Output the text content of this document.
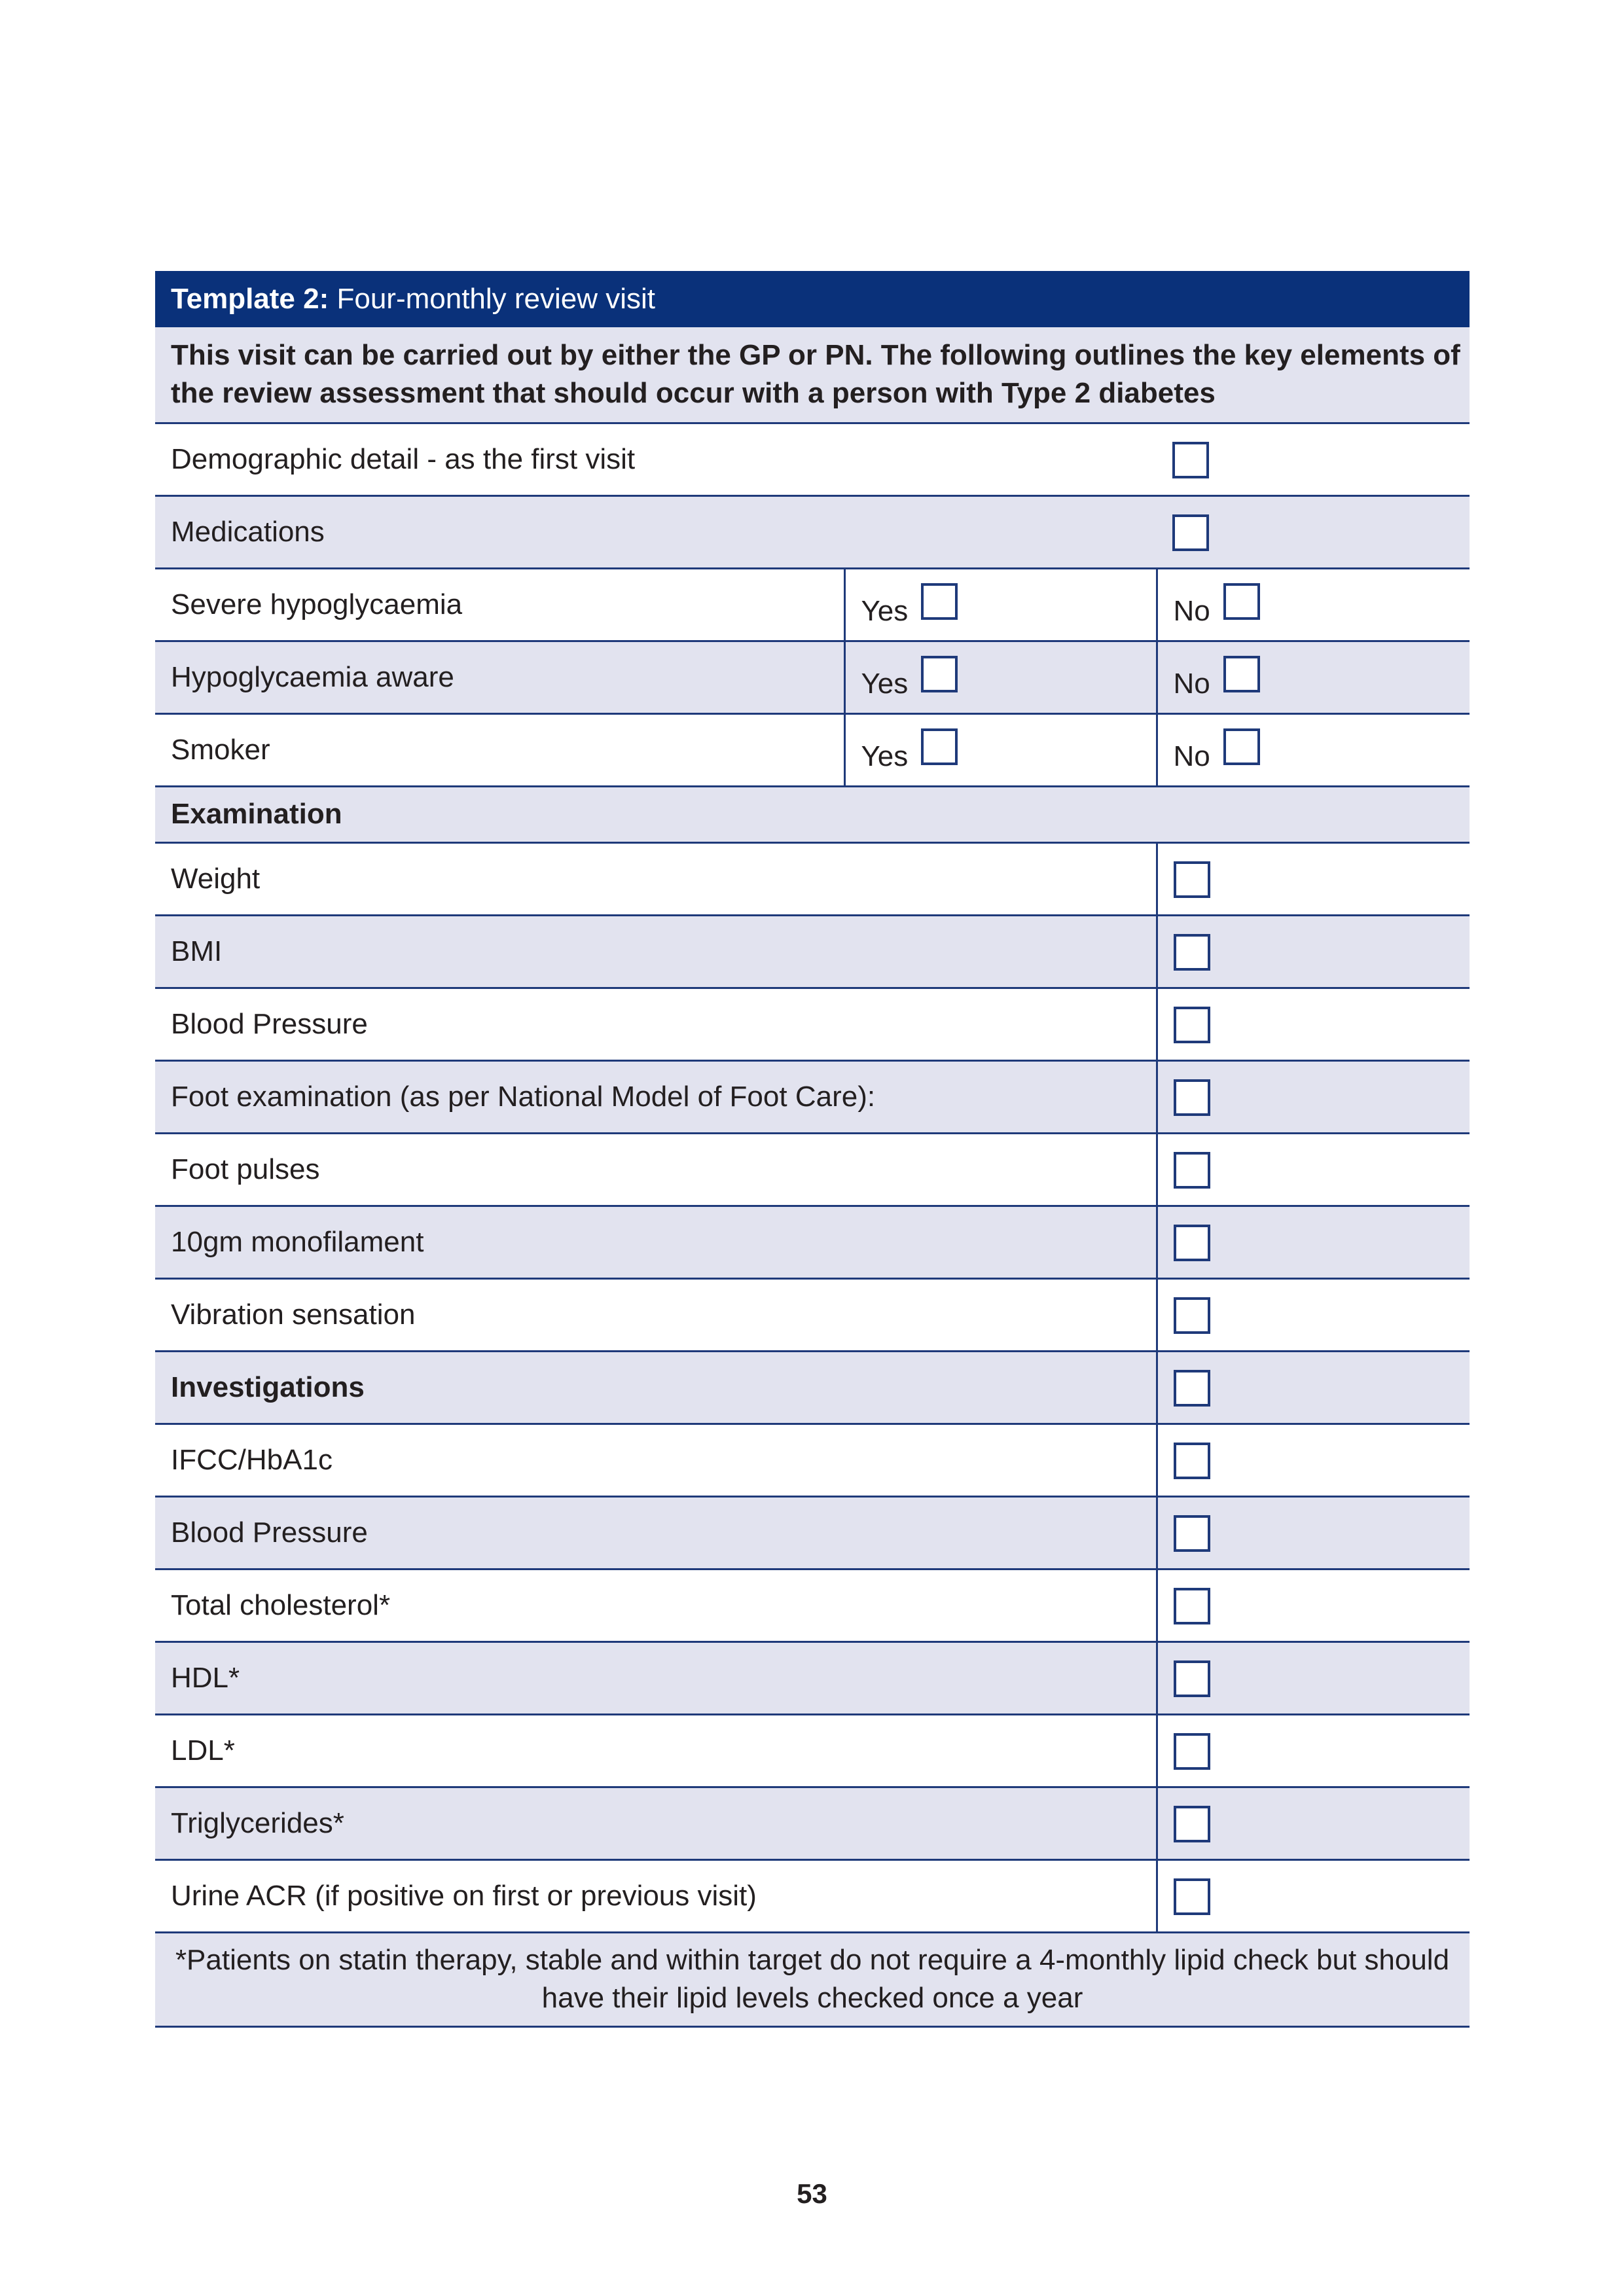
Template 2: Four-monthly review visit		
This visit can be carried out by either the GP or PN. The following outlines the key elements of the review assessment that should occur with a person with Type 2 diabetes		
Demographic detail - as the first visit		
Medications		
Severe hypoglycaemia	Yes	No
Hypoglycaemia aware	Yes	No
Smoker	Yes	No
Examination		
Weight		
BMI		
Blood Pressure		
Foot examination (as per National Model of Foot Care):		
Foot pulses		
10gm monofilament		
Vibration sensation		
Investigations		
IFCC/HbA1c		
Blood Pressure		
Total cholesterol*		
HDL*		
LDL*		
Triglycerides*		
Urine ACR (if positive on first or previous visit)		
*Patients on statin therapy, stable and within target do not require a 4-monthly lipid check but should have their lipid levels checked once a year		
53
